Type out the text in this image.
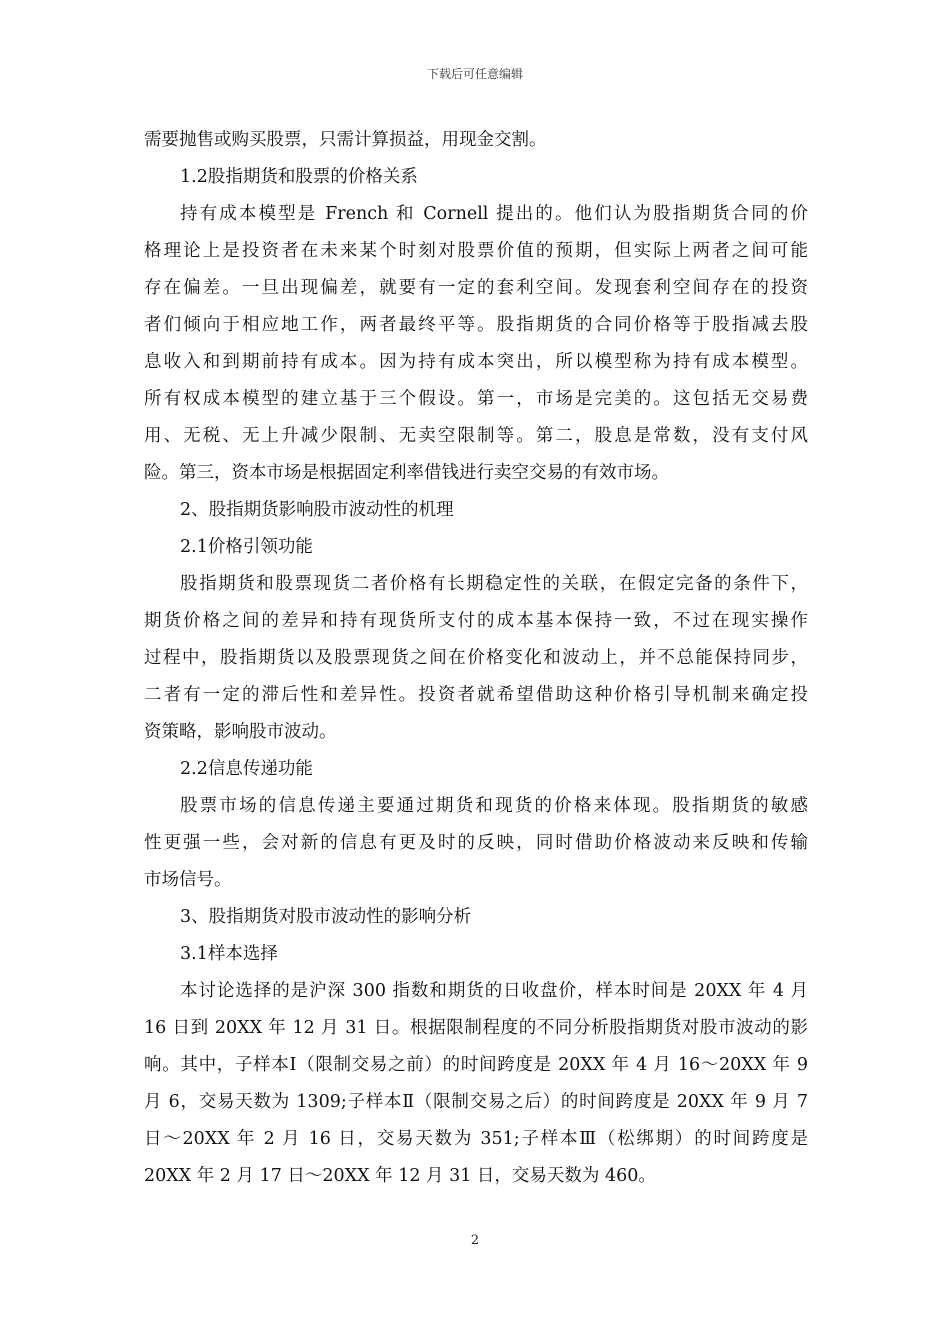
下载后可任意编辑
需要抛售或购买股票，只需计算损益，用现金交割。
1.2股指期货和股票的价格关系
持有成本模型是 French 和 Cornell 提出的。他们认为股指期货合同的价
格理论上是投资者在未来某个时刻对股票价值的预期，但实际上两者之间可能
存在偏差。一旦出现偏差，就要有一定的套利空间。发现套利空间存在的投资
者们倾向于相应地工作，两者最终平等。股指期货的合同价格等于股指减去股
息收入和到期前持有成本。因为持有成本突出，所以模型称为持有成本模型。
所有权成本模型的建立基于三个假设。第一，市场是完美的。这包括无交易费
用、无税、无上升减少限制、无卖空限制等。第二，股息是常数，没有支付风
险。第三，资本市场是根据固定利率借钱进行卖空交易的有效市场。
2、股指期货影响股市波动性的机理
2.1价格引领功能
股指期货和股票现货二者价格有长期稳定性的关联，在假定完备的条件下，
期货价格之间的差异和持有现货所支付的成本基本保持一致，不过在现实操作
过程中，股指期货以及股票现货之间在价格变化和波动上，并不总能保持同步，
二者有一定的滞后性和差异性。投资者就希望借助这种价格引导机制来确定投
资策略，影响股市波动。
2.2信息传递功能
股票市场的信息传递主要通过期货和现货的价格来体现。股指期货的敏感
性更强一些，会对新的信息有更及时的反映，同时借助价格波动来反映和传输
市场信号。
3、股指期货对股市波动性的影响分析
3.1样本选择
本讨论选择的是沪深 300 指数和期货的日收盘价，样本时间是 20XX 年 4 月
16 日到 20XX 年 12 月 31 日。根据限制程度的不同分析股指期货对股市波动的影
响。其中，子样本Ⅰ（限制交易之前）的时间跨度是 20XX 年 4 月 16～20XX 年 9
月 6，交易天数为 1309;子样本Ⅱ（限制交易之后）的时间跨度是 20XX 年 9 月 7
日～20XX 年 2 月 16 日，交易天数为 351;子样本Ⅲ（松绑期）的时间跨度是
20XX 年 2 月 17 日～20XX 年 12 月 31 日，交易天数为 460。
2
